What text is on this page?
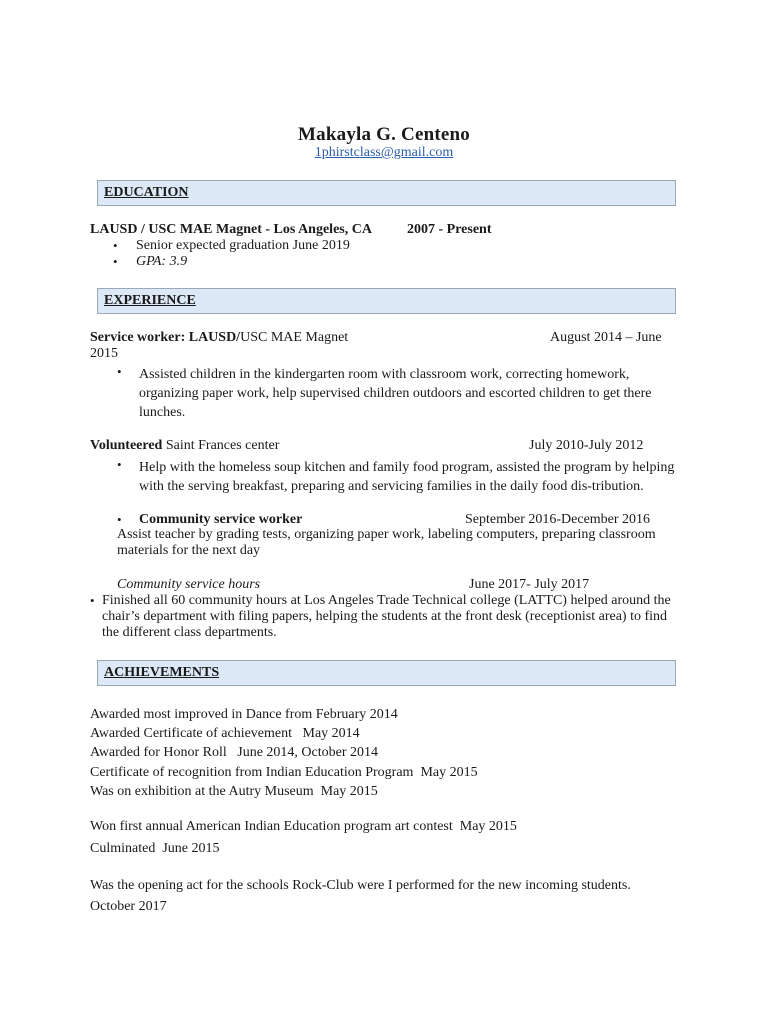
Makayla G. Centeno
1phirstclass@gmail.com
EDUCATION
LAUSD / USC MAE Magnet - Los Angeles, CA	2007 - Present
• Senior expected graduation June 2019
• GPA: 3.9
EXPERIENCE
Service worker: LAUSD/USC MAE Magnet	August 2014 – June
2015
• Assisted children in the kindergarten room with classroom work, correcting homework, organizing paper work, help supervised children outdoors and escorted children to get there lunches.
Volunteered Saint Frances center	July 2010-July 2012
• Help with the homeless soup kitchen and family food program, assisted the program by helping with the serving breakfast, preparing and servicing families in the daily food dis-tribution.
• Community service worker	September 2016-December 2016
Assist teacher by grading tests, organizing paper work, labeling computers, preparing classroom materials for the next day
Community service hours	June 2017- July 2017
• Finished all 60 community hours at Los Angeles Trade Technical college (LATTC) helped around the chair’s department with filing papers, helping the students at the front desk (receptionist area) to find the different class departments.
ACHIEVEMENTS
Awarded most improved in Dance from February 2014
Awarded Certificate of achievement   May 2014
Awarded for Honor Roll   June 2014, October 2014
Certificate of recognition from Indian Education Program  May 2015
Was on exhibition at the Autry Museum  May 2015
Won first annual American Indian Education program art contest  May 2015
Culminated  June 2015
Was the opening act for the schools Rock-Club were I performed for the new incoming students.
October 2017
